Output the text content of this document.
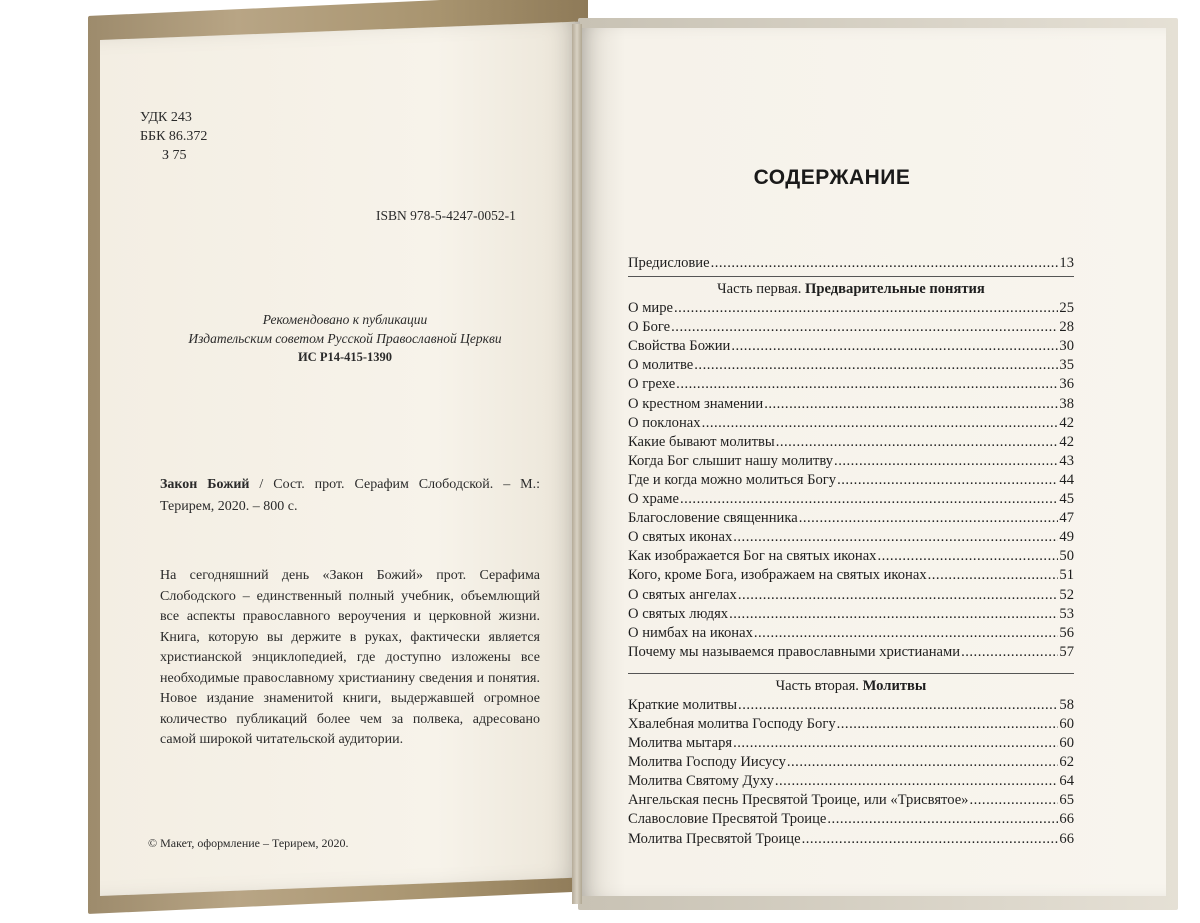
УДК 243
ББК 86.372
З 75
ISBN 978-5-4247-0052-1
Рекомендовано к публикации
Издательским советом Русской Православной Церкви
ИС Р14-415-1390
Закон Божий / Сост. прот. Серафим Слободской. – М.: Терирем, 2020. – 800 с.
На сегодняшний день «Закон Божий» прот. Серафима Слободского – единственный полный учебник, объемлющий все аспекты православного вероучения и церковной жизни. Книга, которую вы держите в руках, фактически является христианской энциклопедией, где доступно изложены все необходимые православному христианину сведения и понятия. Новое издание знаменитой книги, выдержавшей огромное количество публикаций более чем за полвека, адресовано самой широкой читательской аудитории.
© Макет, оформление – Терирем, 2020.
СОДЕРЖАНИЕ
Предисловие .....	13
Часть первая. Предварительные понятия
О мире .....	25
О Боге .....	28
Свойства Божии .....	30
О молитве .....	35
О грехе .....	36
О крестном знамении .....	38
О поклонах .....	42
Какие бывают молитвы .....	42
Когда Бог слышит нашу молитву .....	43
Где и когда можно молиться Богу .....	44
О храме .....	45
Благословение священника .....	47
О святых иконах .....	49
Как изображается Бог на святых иконах .....	50
Кого, кроме Бога, изображаем на святых иконах .....	51
О святых ангелах .....	52
О святых людях .....	53
О нимбах на иконах .....	56
Почему мы называемся православными христианами .....	57
Часть вторая. Молитвы
Краткие молитвы .....	58
Хвалебная молитва Господу Богу .....	60
Молитва мытаря .....	60
Молитва Господу Иисусу .....	62
Молитва Святому Духу .....	64
Ангельская песнь Пресвятой Троице, или «Трисвятое» .....	65
Славословие Пресвятой Троице .....	66
Молитва Пресвятой Троице .....	66
